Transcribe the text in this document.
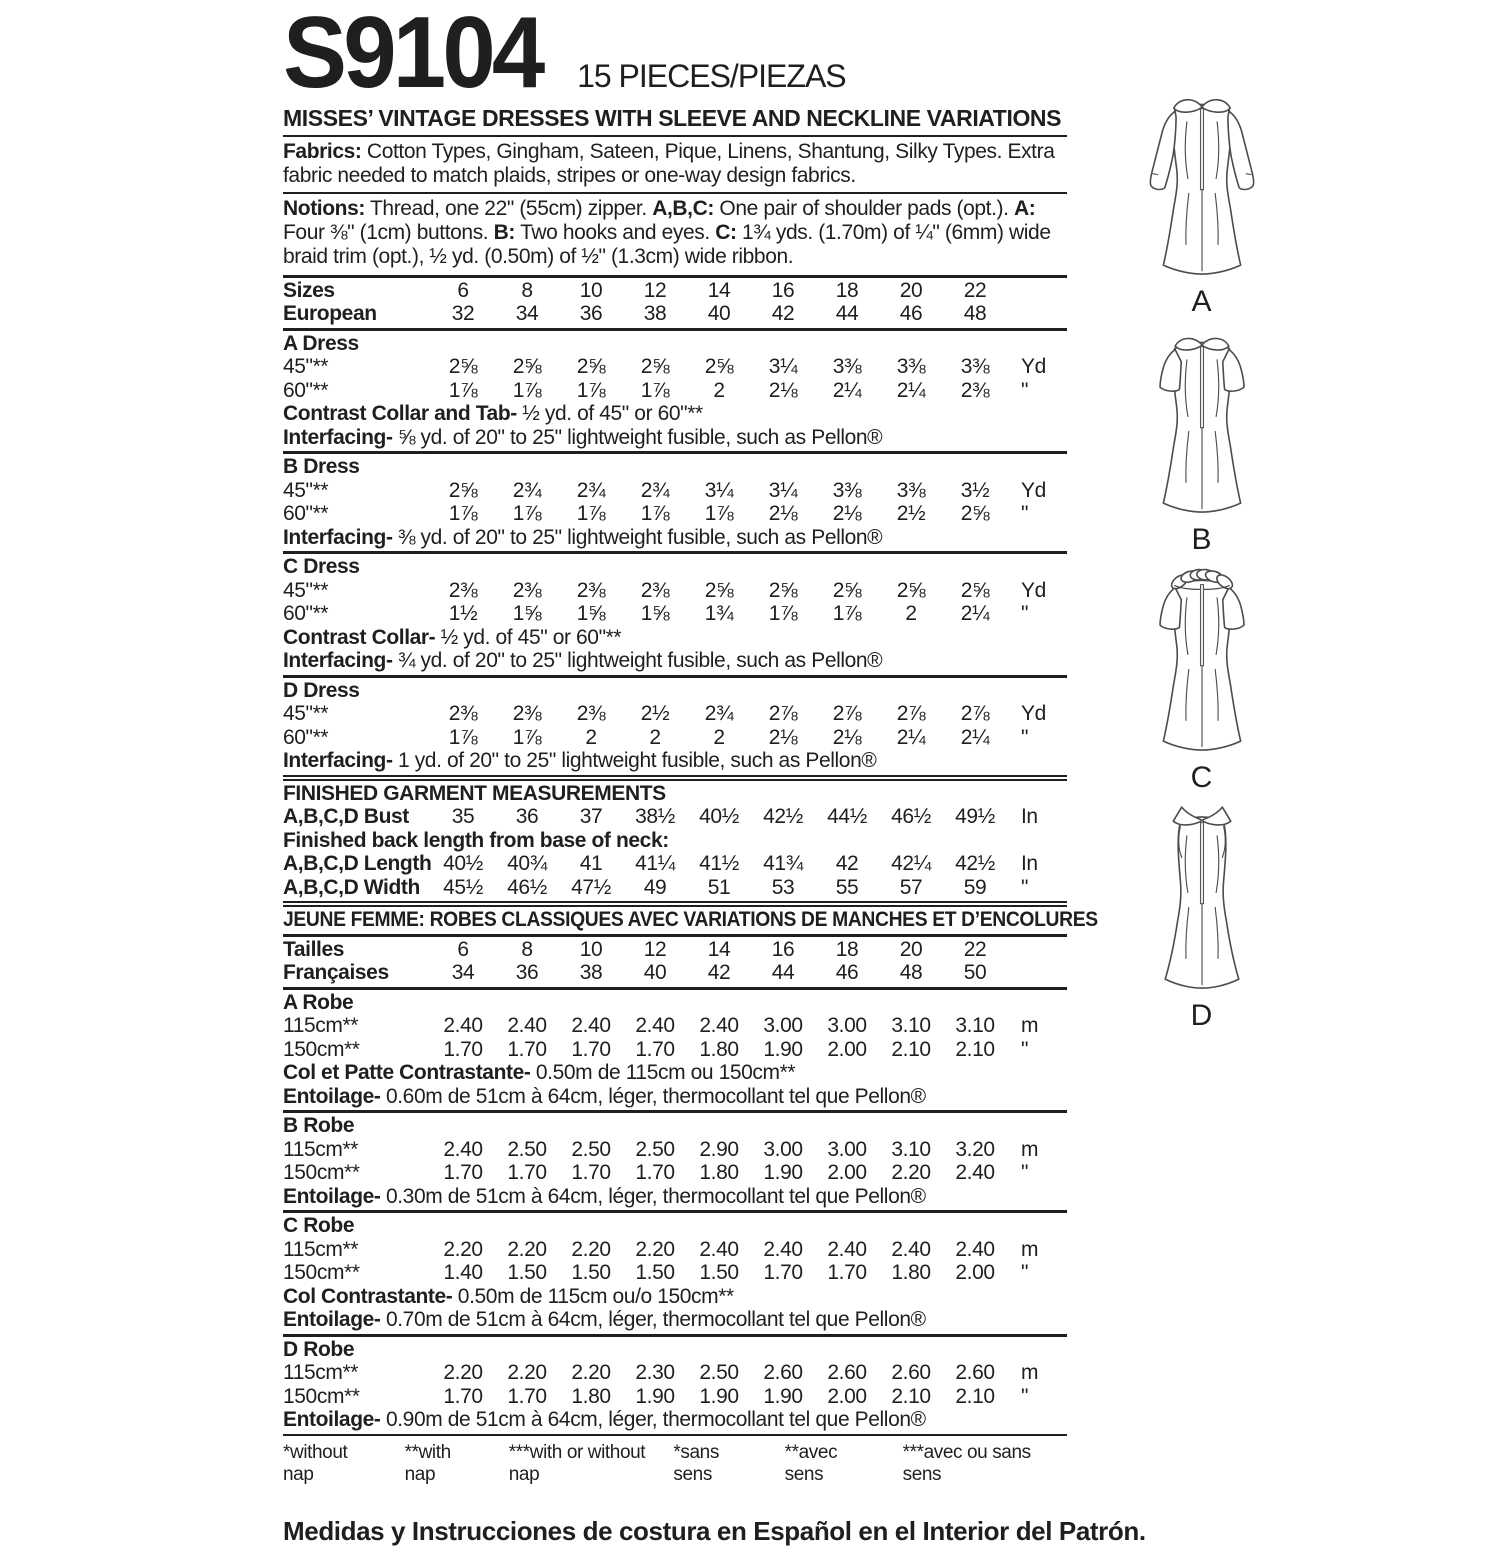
S9104 15 PIECES/PIEZAS
MISSES’ VINTAGE DRESSES WITH SLEEVE AND NECKLINE VARIATIONS
Fabrics: Cotton Types, Gingham, Sateen, Pique, Linens, Shantung, Silky Types. Extra fabric needed to match plaids, stripes or one-way design fabrics.
Notions: Thread, one 22" (55cm) zipper. A,B,C: One pair of shoulder pads (opt.). A: Four ⅜" (1cm) buttons. B: Two hooks and eyes. C: 1¾ yds. (1.70m) of ¼" (6mm) wide braid trim (opt.), ½ yd. (0.50m) of ½" (1.3cm) wide ribbon.
Sizes	6	8	10	12	14	16	18	20	22
European	32	34	36	38	40	42	44	46	48
A Dress
45"**	2⅝	2⅝	2⅝	2⅝	2⅝	3¼	3⅜	3⅜	3⅜	Yd
60"**	1⅞	1⅞	1⅞	1⅞	2	2⅛	2¼	2¼	2⅜	"
Contrast Collar and Tab- ½ yd. of 45" or 60"**
Interfacing- ⅝ yd. of 20" to 25" lightweight fusible, such as Pellon®
B Dress
45"**	2⅝	2¾	2¾	2¾	3¼	3¼	3⅜	3⅜	3½	Yd
60"**	1⅞	1⅞	1⅞	1⅞	1⅞	2⅛	2⅛	2½	2⅝	"
Interfacing- ⅜ yd. of 20" to 25" lightweight fusible, such as Pellon®
C Dress
45"**	2⅜	2⅜	2⅜	2⅜	2⅝	2⅝	2⅝	2⅝	2⅝	Yd
60"**	1½	1⅝	1⅝	1⅝	1¾	1⅞	1⅞	2	2¼	"
Contrast Collar- ½ yd. of 45" or 60"**
Interfacing- ¾ yd. of 20" to 25" lightweight fusible, such as Pellon®
D Dress
45"**	2⅜	2⅜	2⅜	2½	2¾	2⅞	2⅞	2⅞	2⅞	Yd
60"**	1⅞	1⅞	2	2	2	2⅛	2⅛	2¼	2¼	"
Interfacing- 1 yd. of 20" to 25" lightweight fusible, such as Pellon®
FINISHED GARMENT MEASUREMENTS
A,B,C,D Bust	35	36	37	38½	40½	42½	44½	46½	49½	In
Finished back length from base of neck:
A,B,C,D Length 40½	40¾	41	41¼	41½	41¾	42	42¼	42½	In
A,B,C,D Width	45½	46½	47½	49	51	53	55	57	59	"
JEUNE FEMME: ROBES CLASSIQUES AVEC VARIATIONS DE MANCHES ET D’ENCOLURES
Tailles	6	8	10	12	14	16	18	20	22
Françaises	34	36	38	40	42	44	46	48	50
A Robe
115cm**	2.40	2.40	2.40	2.40	2.40	3.00	3.00	3.10	3.10	m
150cm**	1.70	1.70	1.70	1.70	1.80	1.90	2.00	2.10	2.10	"
Col et Patte Contrastante- 0.50m de 115cm ou 150cm**
Entoilage- 0.60m de 51cm à 64cm, léger, thermocollant tel que Pellon®
B Robe
115cm**	2.40	2.50	2.50	2.50	2.90	3.00	3.00	3.10	3.20	m
150cm**	1.70	1.70	1.70	1.70	1.80	1.90	2.00	2.20	2.40	"
Entoilage- 0.30m de 51cm à 64cm, léger, thermocollant tel que Pellon®
C Robe
115cm**	2.20	2.20	2.20	2.20	2.40	2.40	2.40	2.40	2.40	m
150cm**	1.40	1.50	1.50	1.50	1.50	1.70	1.70	1.80	2.00	"
Col Contrastante- 0.50m de 115cm ou/o 150cm**
Entoilage- 0.70m de 51cm à 64cm, léger, thermocollant tel que Pellon®
D Robe
115cm**	2.20	2.20	2.20	2.30	2.50	2.60	2.60	2.60	2.60	m
150cm**	1.70	1.70	1.80	1.90	1.90	1.90	2.00	2.10	2.10	"
Entoilage- 0.90m de 51cm à 64cm, léger, thermocollant tel que Pellon®
*without nap
**with nap
***with or without nap
*sans sens
**avec sens
***avec ou sans sens
Medidas y Instrucciones de costura en Español en el Interior del Patrón.
A
B
C
D
